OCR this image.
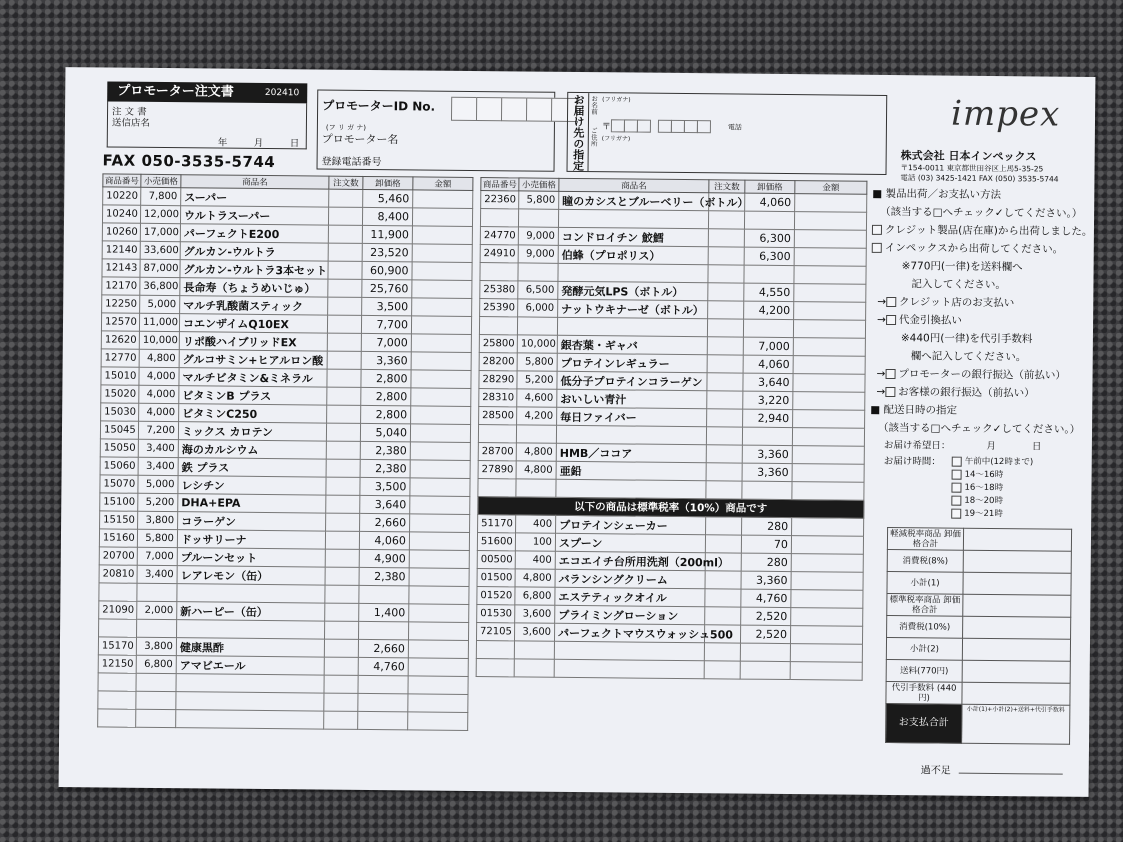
プロモーター注文書	202410
注 文 書
送信店名
年	月	日
FAX 050-3535-5744
プロモーターID No.
(フ リ ガ ナ)
プロモーター名
登録電話番号	お届け先の指定 お名前 (フリガナ)
〒	電話
ご住所 (フリガナ)
impex
株式会社 日本インペックス
〒154-0011 東京都世田谷区上馬5-35-25
電話 (03) 3425-1421 FAX (050) 3535-5744
商品番号	小売価格	商品名	注文数	卸価格	金額
10220	7,800	スーパー		5,460	
10240	12,000	ウルトラスーパー		8,400	
10260	17,000	パーフェクトE200		11,900	
12140	33,600	グルカン-ウルトラ		23,520	
12143	87,000	グルカン-ウルトラ3本セット		60,900	
12170	36,800	長命寿（ちょうめいじゅ）		25,760	
12250	5,000	マルチ乳酸菌スティック		3,500	
12570	11,000	コエンザイムQ10EX		7,700	
12620	10,000	リポ酸ハイブリッドEX		7,000	
12770	4,800	グルコサミン+ヒアルロン酸		3,360	
15010	4,000	マルチビタミン&ミネラル		2,800	
15020	4,000	ビタミンB プラス		2,800	
15030	4,000	ビタミンC250		2,800	
15045	7,200	ミックス カロテン		5,040	
15050	3,400	海のカルシウム		2,380	
15060	3,400	鉄 プラス		2,380	
15070	5,000	レシチン		3,500	
15100	5,200	DHA+EPA		3,640	
15150	3,800	コラーゲン		2,660	
15160	5,800	ドッサリーナ		4,060	
20700	7,000	プルーンセット		4,900	
20810	3,400	レアレモン（缶）		2,380	

21090	2,000	新ハーピー（缶）		1,400	

15170	3,800	健康黒酢		2,660	
12150	6,800	アマビエール		4,760	

商品番号	小売価格	商品名	注文数	卸価格	金額
22360	5,800	瞳のカシスとブルーベリー（ボトル）		4,060	

24770	9,000	コンドロイチン 鮫鱈		6,300	
24910	9,000	伯蜂（プロポリス）		6,300	

25380	6,500	発酵元気LPS（ボトル）		4,550	
25390	6,000	ナットウキナーゼ（ボトル）		4,200	

25800	10,000	銀杏葉・ギャバ		7,000	
28200	5,800	プロテインレギュラー		4,060	
28290	5,200	低分子プロテインコラーゲン		3,640	
28310	4,600	おいしい青汁		3,220	
28500	4,200	毎日ファイバー		2,940	

28700	4,800	HMB／ココア		3,360	
27890	4,800	亜鉛		3,360	

以下の商品は標準税率（10%）商品です					
51170	400	プロテインシェーカー		280	
51600	100	スプーン		70	
00500	400	エコエイチ台所用洗剤（200ml）		280	
01500	4,800	バランシングクリーム		3,360	
01520	6,800	エステティックオイル		4,760	
01530	3,600	プライミングローション		2,520	
72105	3,600	パーフェクトマウスウォッシュ500		2,520	

■ 製品出荷／お支払い方法
（該当する□へチェック✓してください。）
クレジット製品(店在庫)から出荷しました。
インペックスから出荷してください。
※770円(一律)を送料欄へ
記入してください。
→ クレジット店のお支払い
→ 代金引換払い
※440円(一律)を代引手数料
欄へ記入してください。
→ プロモーターの銀行振込（前払い）
→ お客様の銀行振込（前払い）
■ 配送日時の指定
（該当する□へチェック✓してください。）
お届け希望日：	月	日
お届け時間：	午前中(12時まで)
14〜16時
16〜18時
18〜20時
19〜21時
軽減税率商品 卸価格合計	
消費税(8%)	
小計(1)	
標準税率商品 卸価格合計	
消費税(10%)	
小計(2)	
送料(770円)	
代引手数料 (440円)	
お支払合計	小計(1)+小計(2)+送料+代引手数料
過不足
